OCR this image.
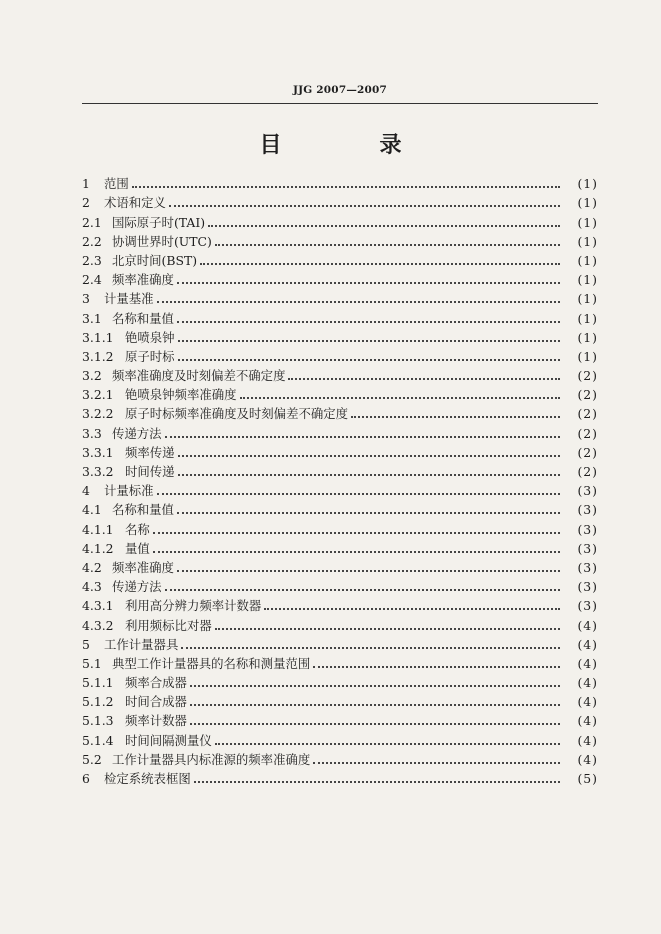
JJG 2007—2007
目　录
1	范围	(1)
2	术语和定义	(1)
2.1 国际原子时(TAI)	(1)
2.2 协调世界时(UTC)	(1)
2.3 北京时间(BST)	(1)
2.4 频率准确度	(1)
3	计量基准	(1)
3.1 名称和量值	(1)
3.1.1 铯喷泉钟	(1)
3.1.2 原子时标	(1)
3.2 频率准确度及时刻偏差不确定度	(2)
3.2.1 铯喷泉钟频率准确度	(2)
3.2.2 原子时标频率准确度及时刻偏差不确定度	(2)
3.3 传递方法	(2)
3.3.1 频率传递	(2)
3.3.2 时间传递	(2)
4	计量标准	(3)
4.1 名称和量值	(3)
4.1.1 名称	(3)
4.1.2 量值	(3)
4.2 频率准确度	(3)
4.3 传递方法	(3)
4.3.1 利用高分辨力频率计数器	(3)
4.3.2 利用频标比对器	(4)
5	工作计量器具	(4)
5.1 典型工作计量器具的名称和测量范围	(4)
5.1.1 频率合成器	(4)
5.1.2 时间合成器	(4)
5.1.3 频率计数器	(4)
5.1.4 时间间隔测量仪	(4)
5.2 工作计量器具内标准源的频率准确度	(4)
6	检定系统表框图	(5)
